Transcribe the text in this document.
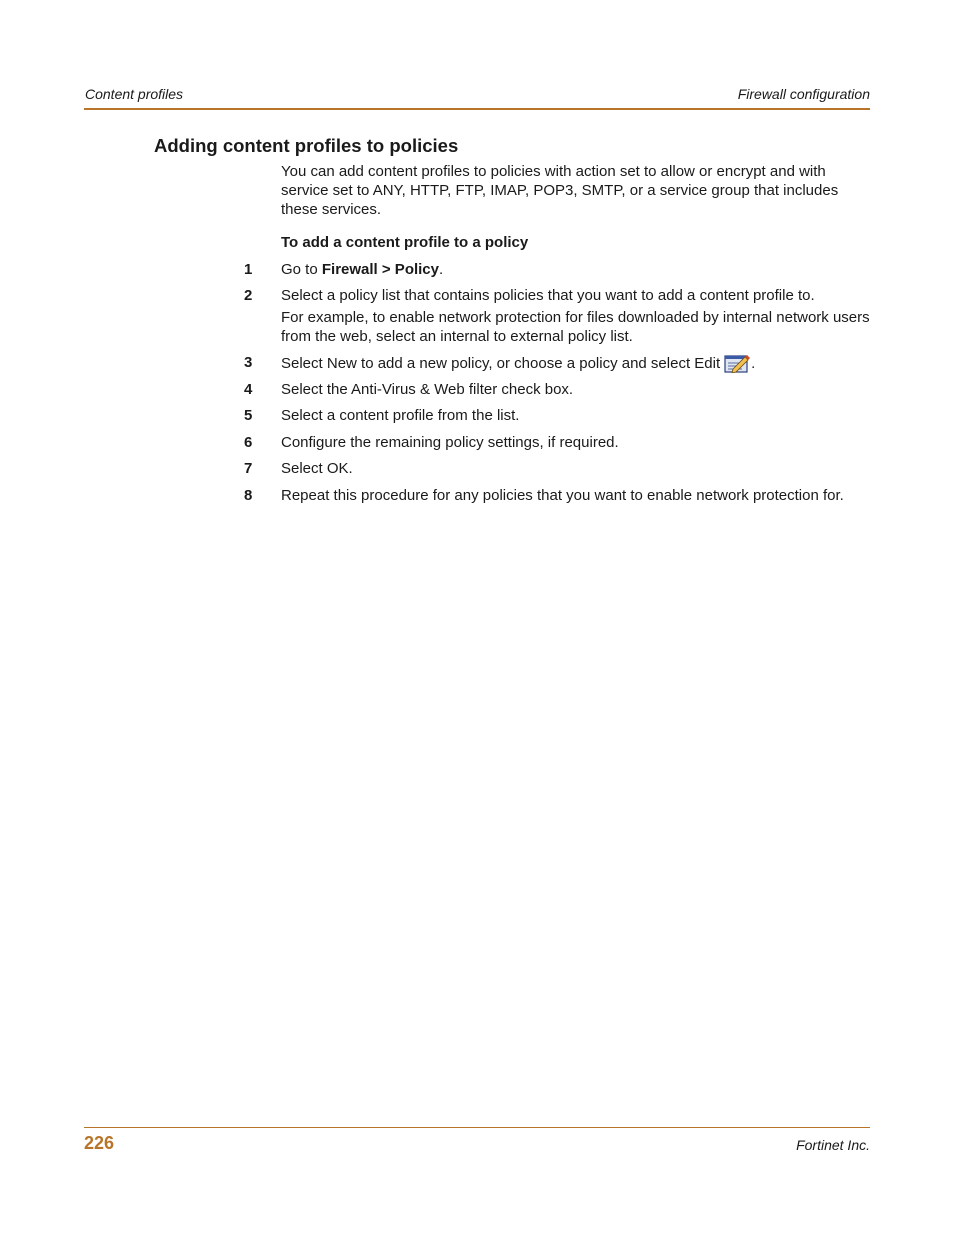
Content profiles	Firewall configuration
Adding content profiles to policies

You can add content profiles to policies with action set to allow or encrypt and with service set to ANY, HTTP, FTP, IMAP, POP3, SMTP, or a service group that includes these services.

To add a content profile to a policy

1 Go to Firewall > Policy.
2 Select a policy list that contains policies that you want to add a content profile to.
For example, to enable network protection for files downloaded by internal network users from the web, select an internal to external policy list.
3 Select New to add a new policy, or choose a policy and select Edit .
4 Select the Anti-Virus & Web filter check box.
5 Select a content profile from the list.
6 Configure the remaining policy settings, if required.
7 Select OK.
8 Repeat this procedure for any policies that you want to enable network protection for.
226	Fortinet Inc.
